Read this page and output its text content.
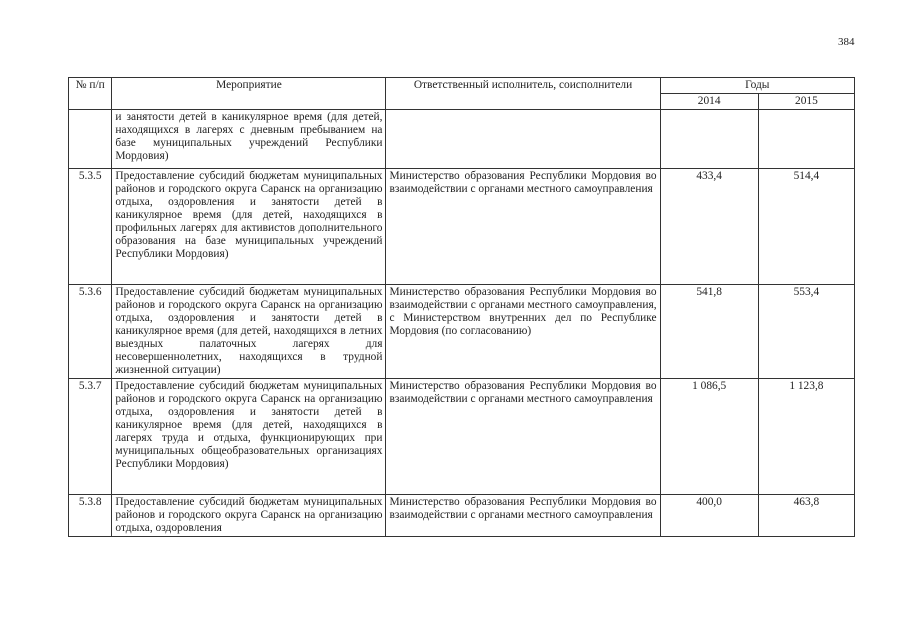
384
№ п/п	Мероприятие	Ответственный исполнитель, соисполнители	Годы	
			2014	2015
	и занятости детей в каникулярное время (для детей, находящихся в лагерях с дневным пребыванием на базе муниципальных учреждений Республики Мордовия)			
5.3.5	Предоставление субсидий бюджетам муниципальных районов и городского округа Саранск на организацию отдыха, оздоровления и занятости детей в каникулярное время (для детей, находящихся в профильных лагерях для активистов дополнительного образования на базе муниципальных учреждений Республики Мордовия)	Министерство образования Республики Мордовия во взаимодействии с органами местного самоуправления	433,4	514,4
5.3.6	Предоставление субсидий бюджетам муниципальных районов и городского округа Саранск на организацию отдыха, оздоровления и занятости детей в каникулярное время (для детей, находящихся в летних выездных палаточных лагерях для несовершеннолетних, находящихся в трудной жизненной ситуации)	Министерство образования Республики Мордовия во взаимодействии с органами местного самоуправления, с Министерством внутренних дел по Республике Мордовия (по согласованию)	541,8	553,4
5.3.7	Предоставление субсидий бюджетам муниципальных районов и городского округа Саранск на организацию отдыха, оздоровления и занятости детей в каникулярное время (для детей, находящихся в лагерях труда и отдыха, функционирующих при муниципальных общеобразовательных организациях Республики Мордовия)	Министерство образования Республики Мордовия во взаимодействии с органами местного самоуправления	1 086,5	1 123,8
5.3.8	Предоставление субсидий бюджетам муниципальных районов и городского округа Саранск на организацию отдыха, оздоровления	Министерство образования Республики Мордовия во взаимодействии с органами местного самоуправления	400,0	463,8
